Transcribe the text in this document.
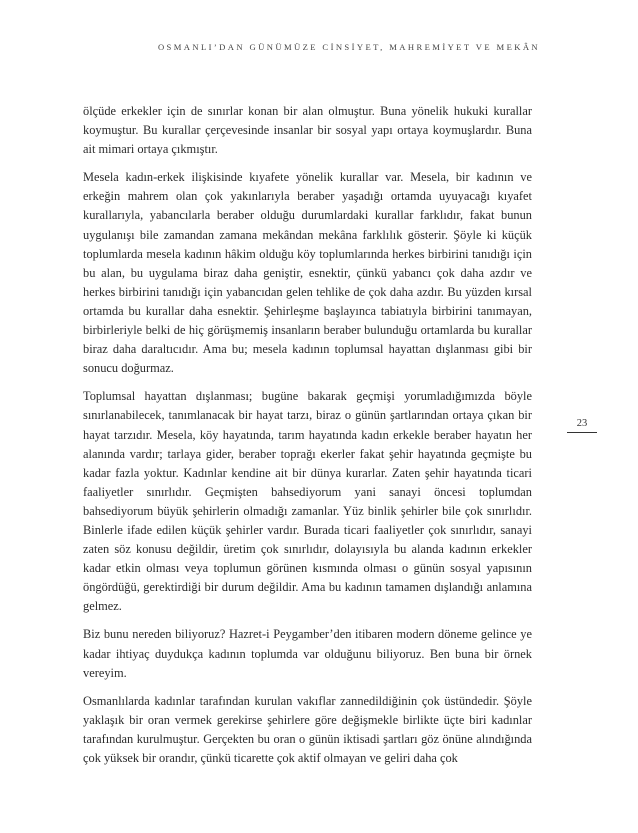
OSMANLI’DAN GÜNÜMÜZE CİNSİYET, MAHREMİYET VE MEKÂN
23

ölçüde erkekler için de sınırlar konan bir alan olmuştur. Buna yönelik hukuki kurallar koymuştur. Bu kurallar çerçevesinde insanlar bir sosyal yapı ortaya koymuşlardır. Buna ait mimari ortaya çıkmıştır.

Mesela kadın-erkek ilişkisinde kıyafete yönelik kurallar var. Mesela, bir kadının ve erkeğin mahrem olan çok yakınlarıyla beraber yaşadığı ortamda uyuyacağı kıyafet kurallarıyla, yabancılarla beraber olduğu durumlardaki kurallar farklıdır, fakat bunun uygulanışı bile zamandan zamana mekândan mekâna farklılık gösterir. Şöyle ki küçük toplumlarda mesela kadının hâkim olduğu köy toplumlarında herkes birbirini tanıdığı için bu alan, bu uygulama biraz daha geniştir, esnektir, çünkü yabancı çok daha azdır ve herkes birbirini tanıdığı için yabancıdan gelen tehlike de çok daha azdır. Bu yüzden kırsal ortamda bu kurallar daha esnektir. Şehirleşme başlayınca tabiatıyla birbirini tanımayan, birbirleriyle belki de hiç görüşmemiş insanların beraber bulunduğu ortamlarda bu kurallar biraz daha daraltıcıdır. Ama bu; mesela kadının toplumsal hayattan dışlanması gibi bir sonucu doğurmaz.

Toplumsal hayattan dışlanması; bugüne bakarak geçmişi yorumladığımızda böyle sınırlanabilecek, tanımlanacak bir hayat tarzı, biraz o günün şartlarından ortaya çıkan bir hayat tarzıdır. Mesela, köy hayatında, tarım hayatında kadın erkekle beraber hayatın her alanında vardır; tarlaya gider, beraber toprağı ekerler fakat şehir hayatında geçmişte bu kadar fazla yoktur. Kadınlar kendine ait bir dünya kurarlar. Zaten şehir hayatında ticari faaliyetler sınırlıdır. Geçmişten bahsediyorum yani sanayi öncesi toplumdan bahsediyorum büyük şehirlerin olmadığı zamanlar. Yüz binlik şehirler bile çok sınırlıdır. Binlerle ifade edilen küçük şehirler vardır. Burada ticari faaliyetler çok sınırlıdır, sanayi zaten söz konusu değildir, üretim çok sınırlıdır, dolayısıyla bu alanda kadının erkekler kadar etkin olması veya toplumun görünen kısmında olması o günün sosyal yapısının öngördüğü, gerektirdiği bir durum değildir. Ama bu kadının tamamen dışlandığı anlamına gelmez.

Biz bunu nereden biliyoruz? Hazret-i Peygamber’den itibaren modern döneme gelince ye kadar ihtiyaç duydukça kadının toplumda var olduğunu biliyoruz. Ben buna bir örnek vereyim.

Osmanlılarda kadınlar tarafından kurulan vakıflar zannedildiğinin çok üstündedir. Şöyle yaklaşık bir oran vermek gerekirse şehirlere göre değişmekle birlikte üçte biri kadınlar tarafından kurulmuştur. Gerçekten bu oran o günün iktisadi şartları göz önüne alındığında çok yüksek bir orandır, çünkü ticarette çok aktif olmayan ve geliri daha çok
